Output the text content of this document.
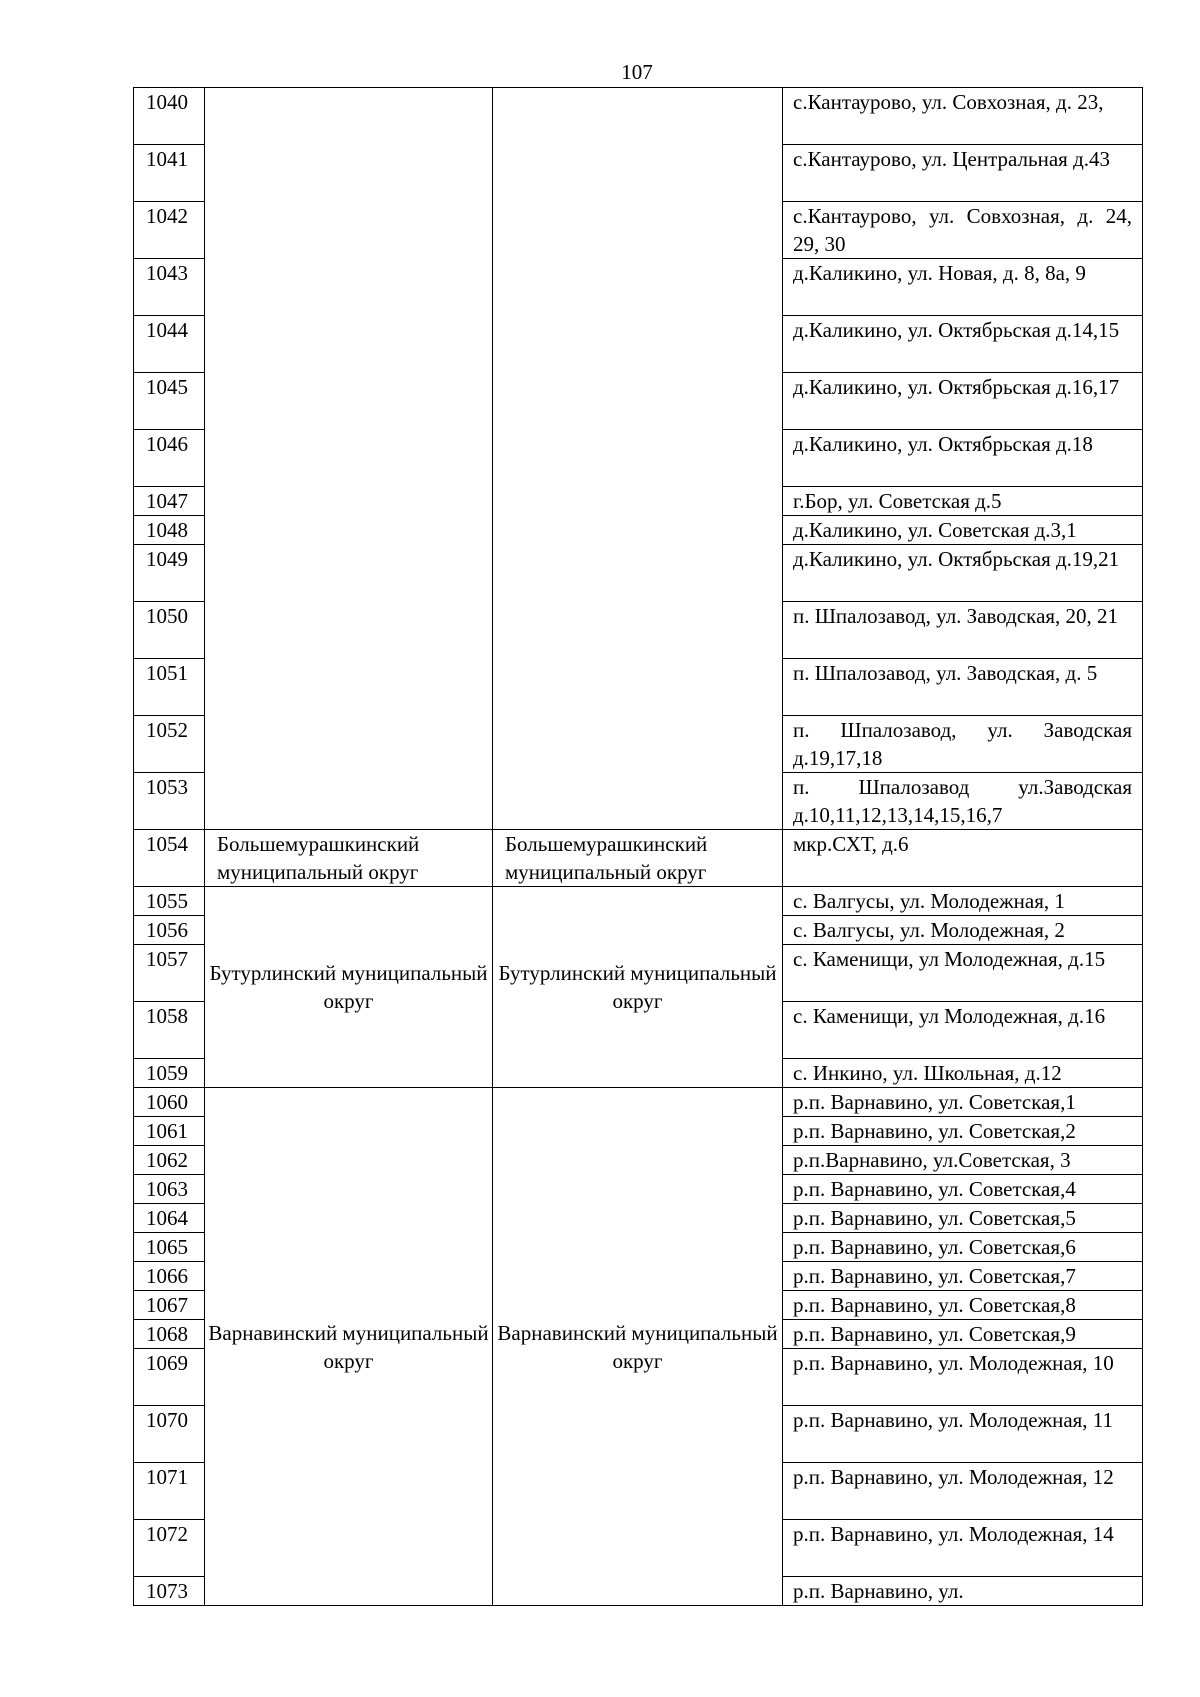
107
1040			с.Кантаурово, ул. Совхозная, д. 23,
1041			с.Кантаурово, ул. Центральная д.43
1042			с.Кантаурово, ул. Совхозная, д. 24, 29, 30
1043			д.Каликино, ул. Новая, д. 8, 8а, 9
1044			д.Каликино, ул. Октябрьская д.14,15
1045			д.Каликино, ул. Октябрьская д.16,17
1046			д.Каликино, ул. Октябрьская д.18
1047			г.Бор, ул. Советская д.5
1048			д.Каликино, ул. Советская д.3,1
1049			д.Каликино, ул. Октябрьская д.19,21
1050			п. Шпалозавод, ул. Заводская, 20, 21
1051			п. Шпалозавод, ул. Заводская, д. 5
1052			п. Шпалозавод, ул. Заводская д.19,17,18
1053			п. Шпалозавод ул.Заводская д.10,11,12,13,14,15,16,7
1054	Большемурашкинский муниципальный округ	Большемурашкинский муниципальный округ	мкр.СХТ, д.6
1055	Бутурлинский муниципальный округ	Бутурлинский муниципальный округ	с. Валгусы, ул. Молодежная, 1
1056			с. Валгусы, ул. Молодежная, 2
1057			с. Каменищи, ул Молодежная, д.15
1058			с. Каменищи, ул Молодежная, д.16
1059			с. Инкино, ул. Школьная, д.12
1060	Варнавинский муниципальный округ	Варнавинский муниципальный округ	р.п. Варнавино, ул. Советская,1
1061			р.п. Варнавино, ул. Советская,2
1062			р.п.Варнавино, ул.Советская, 3
1063			р.п. Варнавино, ул. Советская,4
1064			р.п. Варнавино, ул. Советская,5
1065			р.п. Варнавино, ул. Советская,6
1066			р.п. Варнавино, ул. Советская,7
1067			р.п. Варнавино, ул. Советская,8
1068			р.п. Варнавино, ул. Советская,9
1069			р.п. Варнавино, ул. Молодежная, 10
1070			р.п. Варнавино, ул. Молодежная, 11
1071			р.п. Варнавино, ул. Молодежная, 12
1072			р.п. Варнавино, ул. Молодежная, 14
1073			р.п. Варнавино, ул.
